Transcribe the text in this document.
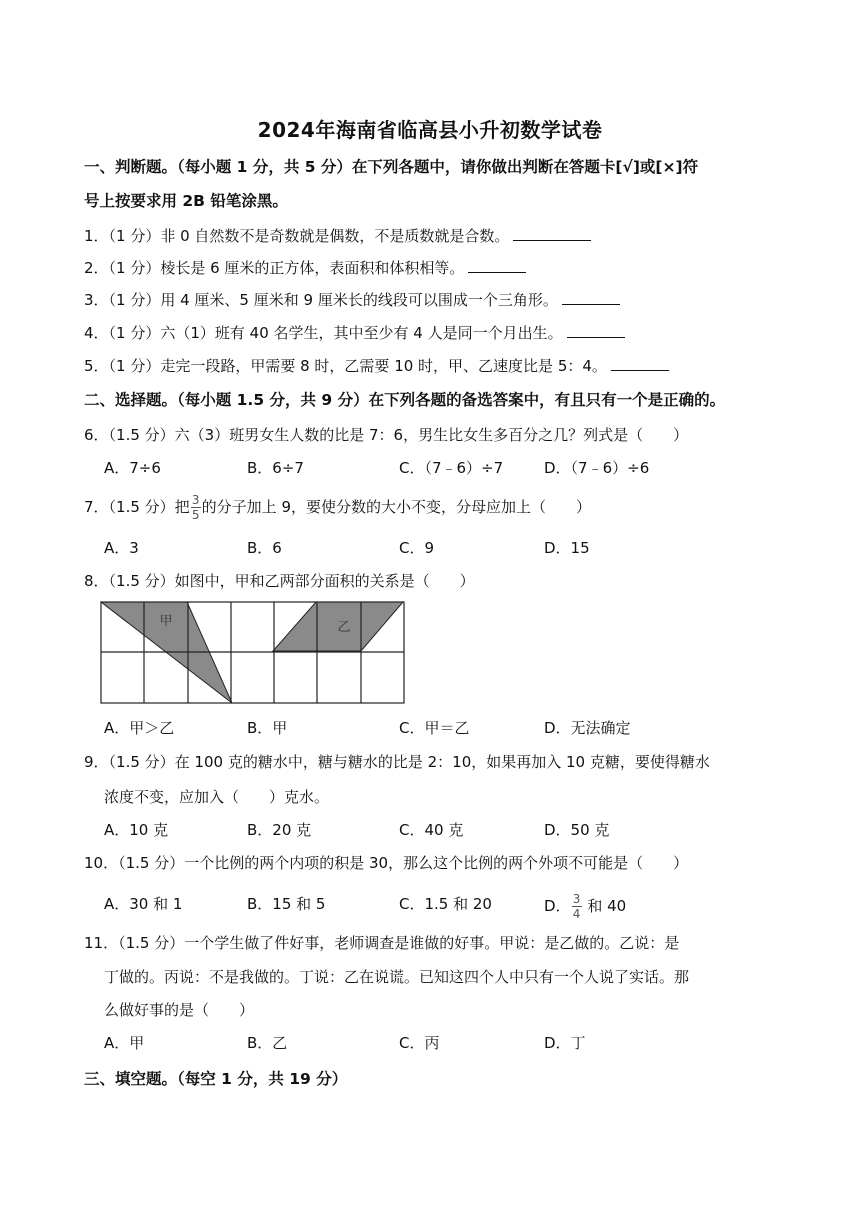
2024年海南省临高县小升初数学试卷
一、判断题。（每小题 1 分，共 5 分）在下列各题中，请你做出判断在答题卡[√]或[×]符
号上按要求用 2B 铅笔涂黑。
1．（1 分）非 0 自然数不是奇数就是偶数，不是质数就是合数。
2．（1 分）棱长是 6 厘米的正方体，表面积和体积相等。
3．（1 分）用 4 厘米、5 厘米和 9 厘米长的线段可以围成一个三角形。
4．（1 分）六（1）班有 40 名学生，其中至少有 4 人是同一个月出生。
5．（1 分）走完一段路，甲需要 8 时，乙需要 10 时，甲、乙速度比是 5：4。
二、选择题。（每小题 1.5 分，共 9 分）在下列各题的备选答案中，有且只有一个是正确的。
6．（1.5 分）六（3）班男女生人数的比是 7：6，男生比女生多百分之几？列式是（　　）
A．7÷6	B．6÷7	C．（7﹣6）÷7	D．（7﹣6）÷6
7．（1.5 分）把 $\frac{3}{5}$ 的分子加上 9，要使分数的大小不变，分母应加上（　　）
A．3	B．6	C．9	D．15
8．（1.5 分）如图中，甲和乙两部分面积的关系是（　　）
甲	乙
A．甲＞乙	B．甲	C．甲＝乙	D．无法确定
9．（1.5 分）在 100 克的糖水中，糖与糖水的比是 2：10，如果再加入 10 克糖，要使得糖水
浓度不变，应加入（　　）克水。
A．10 克	B．20 克	C．40 克	D．50 克
10．（1.5 分）一个比例的两个内项的积是 30，那么这个比例的两个外项不可能是（　　）
A．30 和 1	B．15 和 5	C．1.5 和 20	D． $\frac{3}{4}$ 和 40
11．（1.5 分）一个学生做了件好事，老师调查是谁做的好事。甲说：是乙做的。乙说：是
丁做的。丙说：不是我做的。丁说：乙在说谎。已知这四个人中只有一个人说了实话。那
么做好事的是（　　）
A．甲	B．乙	C．丙	D．丁
三、填空题。（每空 1 分，共 19 分）
